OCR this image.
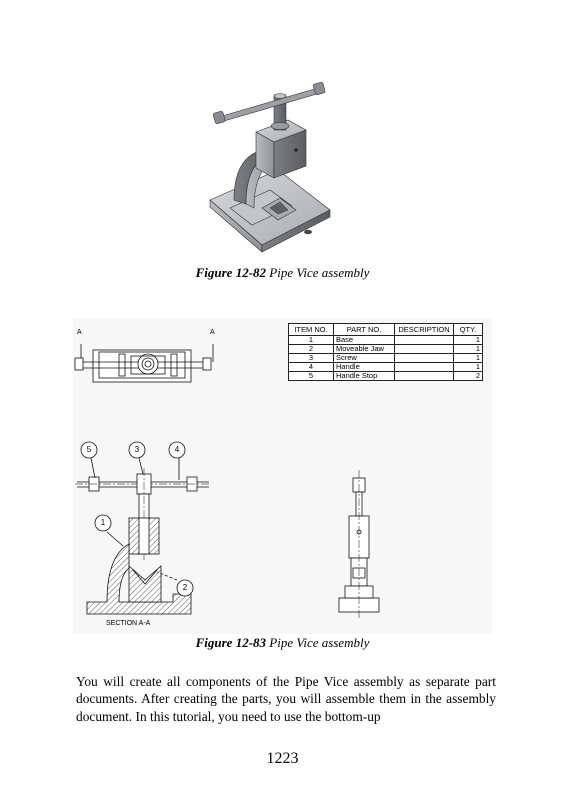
Figure 12-82 Pipe Vice assembly
A	A
SECTION A-A
5	3	4
1
2
ITEM NO.	PART NO.	DESCRIPTION	QTY.
1	Base		1
2	Moveable Jaw		1
3	Screw		1
4	Handle		1
5	Handle Stop		2
Figure 12-83 Pipe Vice assembly
You will create all components of the Pipe Vice assembly as separate part documents. After creating the parts, you will assemble them in the assembly document. In this tutorial, you need to use the bottom-up
1223
